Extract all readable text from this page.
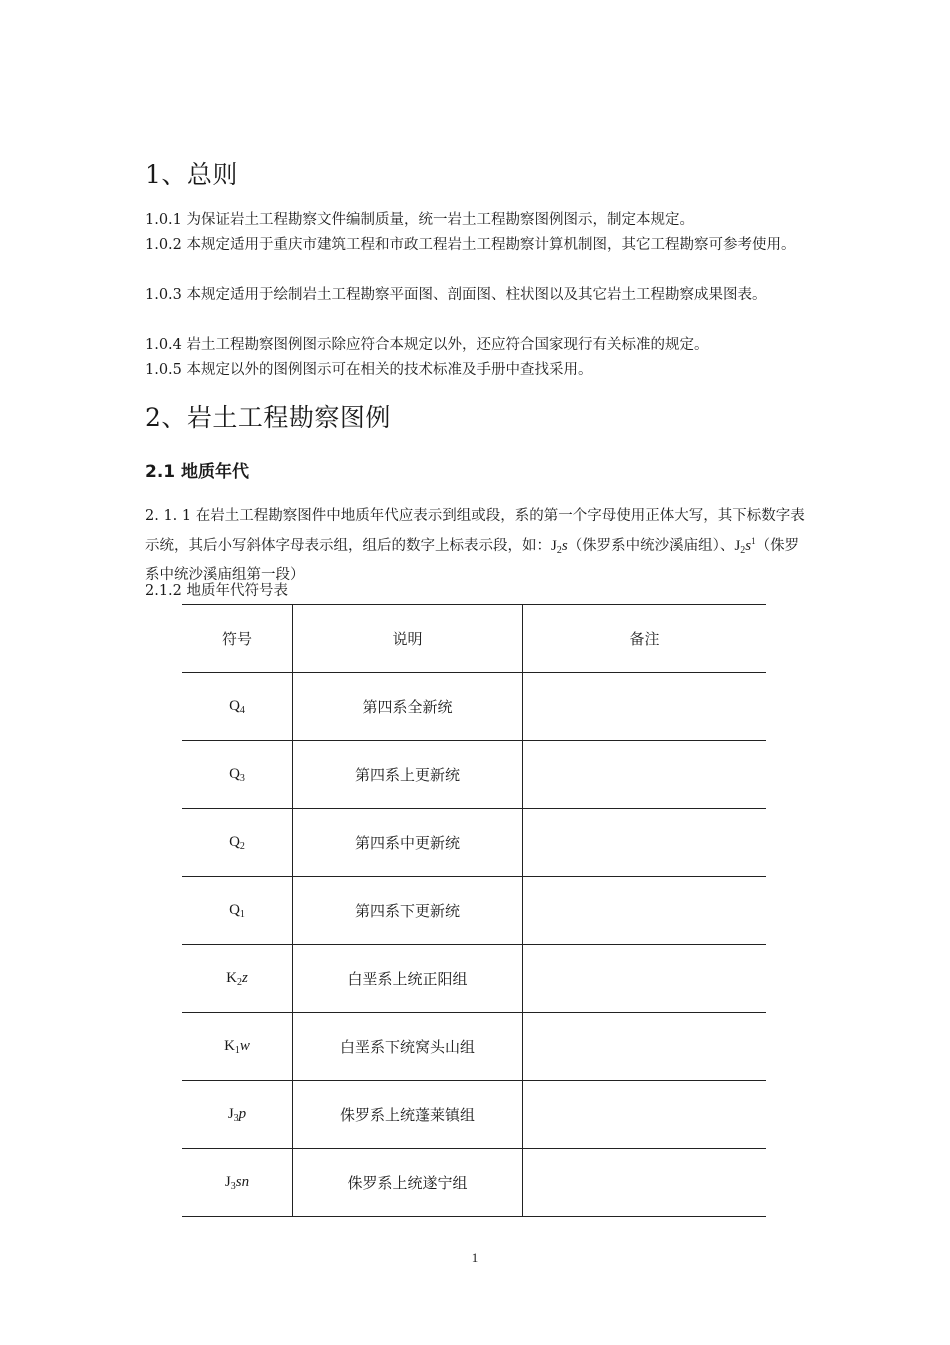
1、总则

1.0.1 为保证岩土工程勘察文件编制质量，统一岩土工程勘察图例图示，制定本规定。

1.0.2 本规定适用于重庆市建筑工程和市政工程岩土工程勘察计算机制图，其它工程勘察可参考使用。

1.0.3 本规定适用于绘制岩土工程勘察平面图、剖面图、柱状图以及其它岩土工程勘察成果图表。

1.0.4 岩土工程勘察图例图示除应符合本规定以外，还应符合国家现行有关标准的规定。

1.0.5 本规定以外的图例图示可在相关的技术标准及手册中查找采用。

2、岩土工程勘察图例
2.1 地质年代

2. 1. 1 在岩土工程勘察图件中地质年代应表示到组或段，系的第一个字母使用正体大写，其下标数字表示统，其后小写斜体字母表示组，组后的数字上标表示段，如：$J_2s$（侏罗系中统沙溪庙组）、$J_2s^1$（侏罗系中统沙溪庙组第一段）

2.1.2 地质年代符号表

符号	说明	备注
$Q_4$	第四系全新统	
$Q_3$	第四系上更新统	
$Q_2$	第四系中更新统	
$Q_1$	第四系下更新统	
$K_2z$	白垩系上统正阳组	
$K_1w$	白垩系下统窝头山组	
$J_3p$	侏罗系上统蓬莱镇组	
$J_3sn$	侏罗系上统遂宁组	
1
